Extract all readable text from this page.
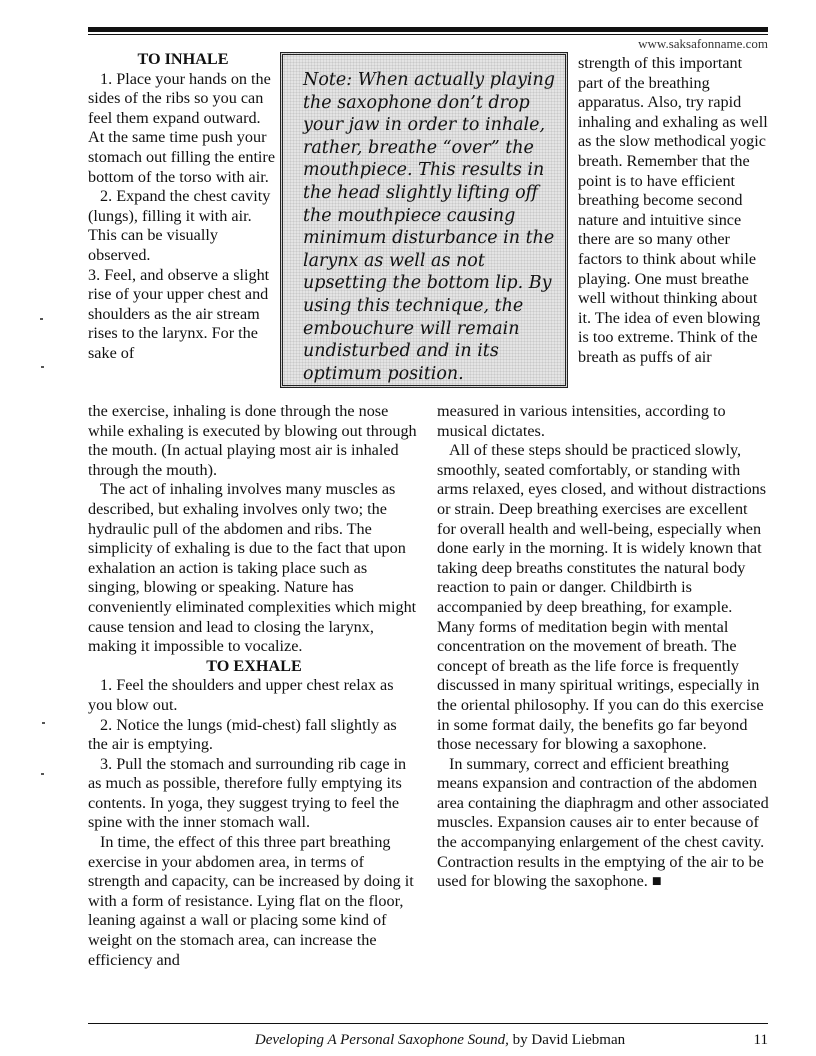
www.saksafonname.com

TO INHALE

1. Place your hands on the sides of the ribs so you can feel them expand outward. At the same time push your stomach out filling the entire bottom of the torso with air.

2. Expand the chest cavity (lungs), filling it with air. This can be visually observed.

3. Feel, and observe a slight rise of your upper chest and shoulders as the air stream rises to the larynx. For the sake of

Note: When actually playing the saxophone don’t drop your jaw in order to inhale, rather, breathe “over” the mouthpiece. This results in the head slightly lifting off the mouthpiece causing minimum disturbance in the larynx as well as not upsetting the bottom lip. By using this technique, the embouchure will remain undisturbed and in its optimum position.

strength of this important part of the breathing apparatus. Also, try rapid inhaling and exhaling as well as the slow methodical yogic breath. Remember that the point is to have efficient breathing become second nature and intuitive since there are so many other factors to think about while playing. One must breathe well without thinking about it. The idea of even blowing is too extreme. Think of the breath as puffs of air

the exercise, inhaling is done through the nose while exhaling is executed by blowing out through the mouth. (In actual playing most air is inhaled through the mouth).

The act of inhaling involves many muscles as described, but exhaling involves only two; the hydraulic pull of the abdomen and ribs. The simplicity of exhaling is due to the fact that upon exhalation an action is taking place such as singing, blowing or speaking. Nature has conveniently eliminated complexities which might cause tension and lead to closing the larynx, making it impossible to vocalize.

TO EXHALE

1. Feel the shoulders and upper chest relax as you blow out.

2. Notice the lungs (mid-chest) fall slightly as the air is emptying.

3. Pull the stomach and surrounding rib cage in as much as possible, therefore fully emptying its contents. In yoga, they suggest trying to feel the spine with the inner stomach wall.

In time, the effect of this three part breathing exercise in your abdomen area, in terms of strength and capacity, can be increased by doing it with a form of resistance. Lying flat on the floor, leaning against a wall or placing some kind of weight on the stomach area, can increase the efficiency and

measured in various intensities, according to musical dictates.

All of these steps should be practiced slowly, smoothly, seated comfortably, or standing with arms relaxed, eyes closed, and without distractions or strain. Deep breathing exercises are excellent for overall health and well-being, especially when done early in the morning. It is widely known that taking deep breaths constitutes the natural body reaction to pain or danger. Childbirth is accompanied by deep breathing, for example. Many forms of meditation begin with mental concentration on the movement of breath. The concept of breath as the life force is frequently discussed in many spiritual writings, especially in the oriental philosophy. If you can do this exercise in some format daily, the benefits go far beyond those necessary for blowing a saxophone.

In summary, correct and efficient breathing means expansion and contraction of the abdomen area containing the diaphragm and other associated muscles. Expansion causes air to enter because of the accompanying enlargement of the chest cavity. Contraction results in the emptying of the air to be used for blowing the saxophone. ■

Developing A Personal Saxophone Sound, by David Liebman	11
